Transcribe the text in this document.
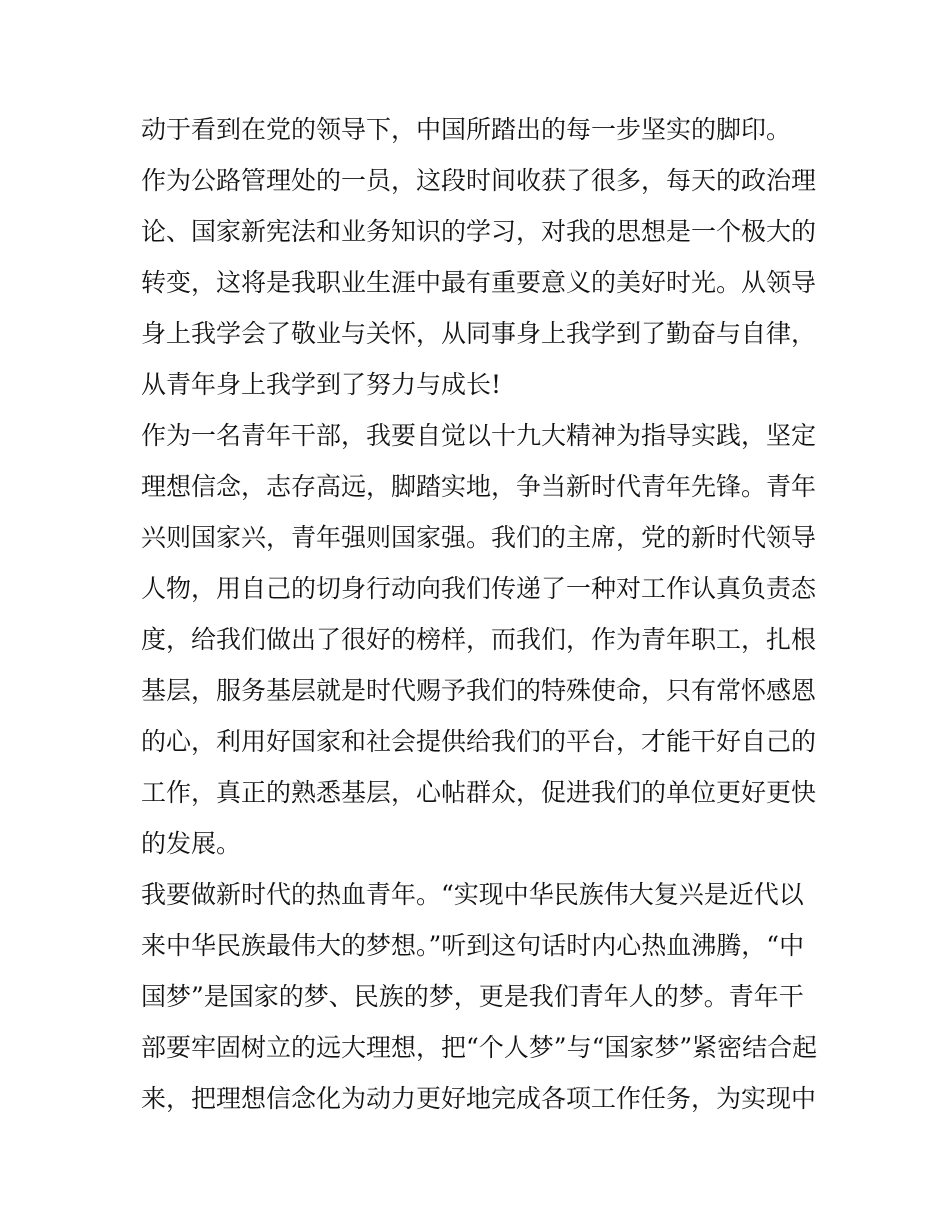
动于看到在党的领导下，中国所踏出的每一步坚实的脚印。
作为公路管理处的一员，这段时间收获了很多，每天的政治理
论、国家新宪法和业务知识的学习，对我的思想是一个极大的
转变，这将是我职业生涯中最有重要意义的美好时光。从领导
身上我学会了敬业与关怀，从同事身上我学到了勤奋与自律，
从青年身上我学到了努力与成长!
作为一名青年干部，我要自觉以十九大精神为指导实践，坚定
理想信念，志存高远，脚踏实地，争当新时代青年先锋。青年
兴则国家兴，青年强则国家强。我们的主席，党的新时代领导
人物，用自己的切身行动向我们传递了一种对工作认真负责态
度，给我们做出了很好的榜样，而我们，作为青年职工，扎根
基层，服务基层就是时代赐予我们的特殊使命，只有常怀感恩
的心，利用好国家和社会提供给我们的平台，才能干好自己的
工作，真正的熟悉基层，心帖群众，促进我们的单位更好更快
的发展。
我要做新时代的热血青年。“实现中华民族伟大复兴是近代以
来中华民族最伟大的梦想。”听到这句话时内心热血沸腾，“中
国梦”是国家的梦、民族的梦，更是我们青年人的梦。青年干
部要牢固树立的远大理想，把“个人梦”与“国家梦”紧密结合起
来，把理想信念化为动力更好地完成各项工作任务，为实现中
